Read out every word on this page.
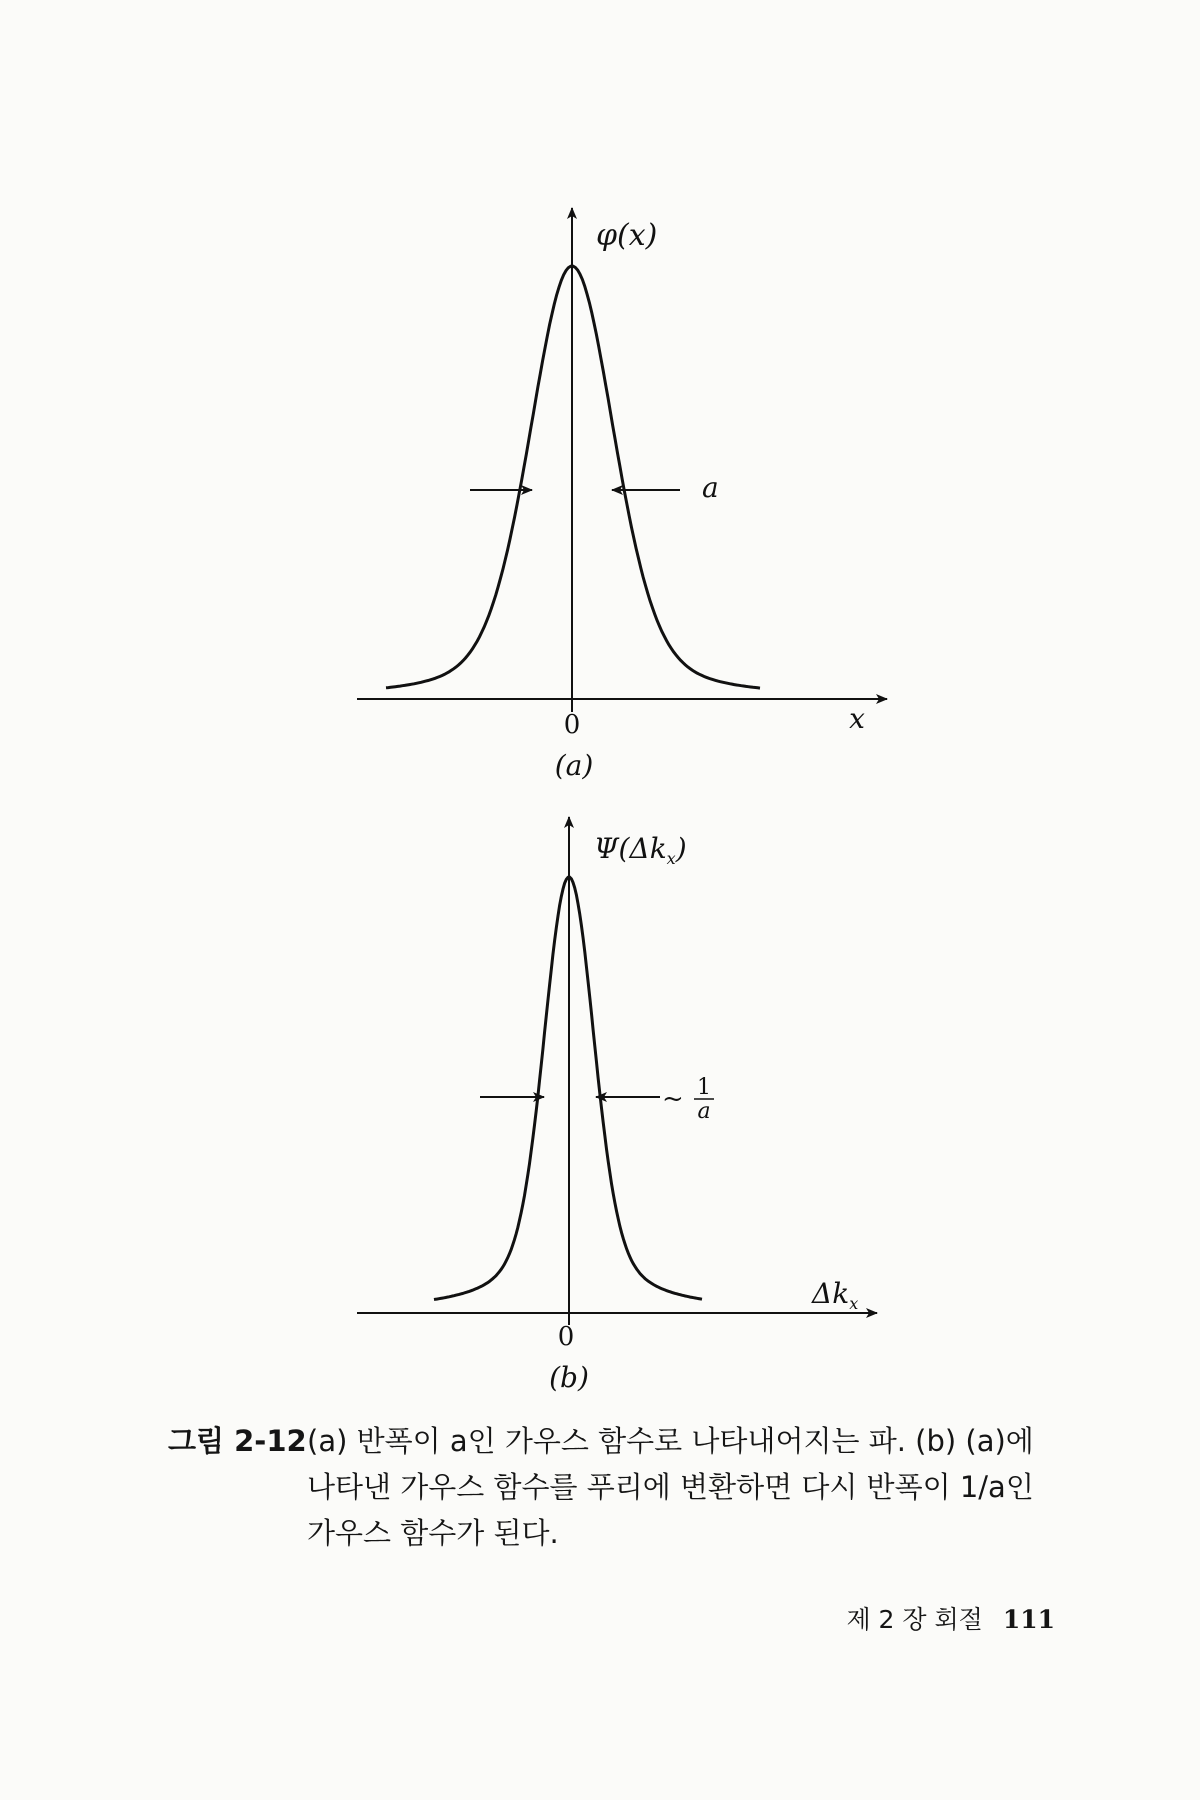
φ(x)
a
0	x
(a)
$\Psi(\Delta k_x)$
~ 1
a
$\Delta k_x$
0
(b)
그림 2-12 (a) 반폭이 a인 가우스 함수로 나타내어지는 파. (b) (a)에 나타낸 가우스 함수를 푸리에 변환하면 다시 반폭이 1/a인 가우스 함수가 된다.
제 2 장 회절 111
